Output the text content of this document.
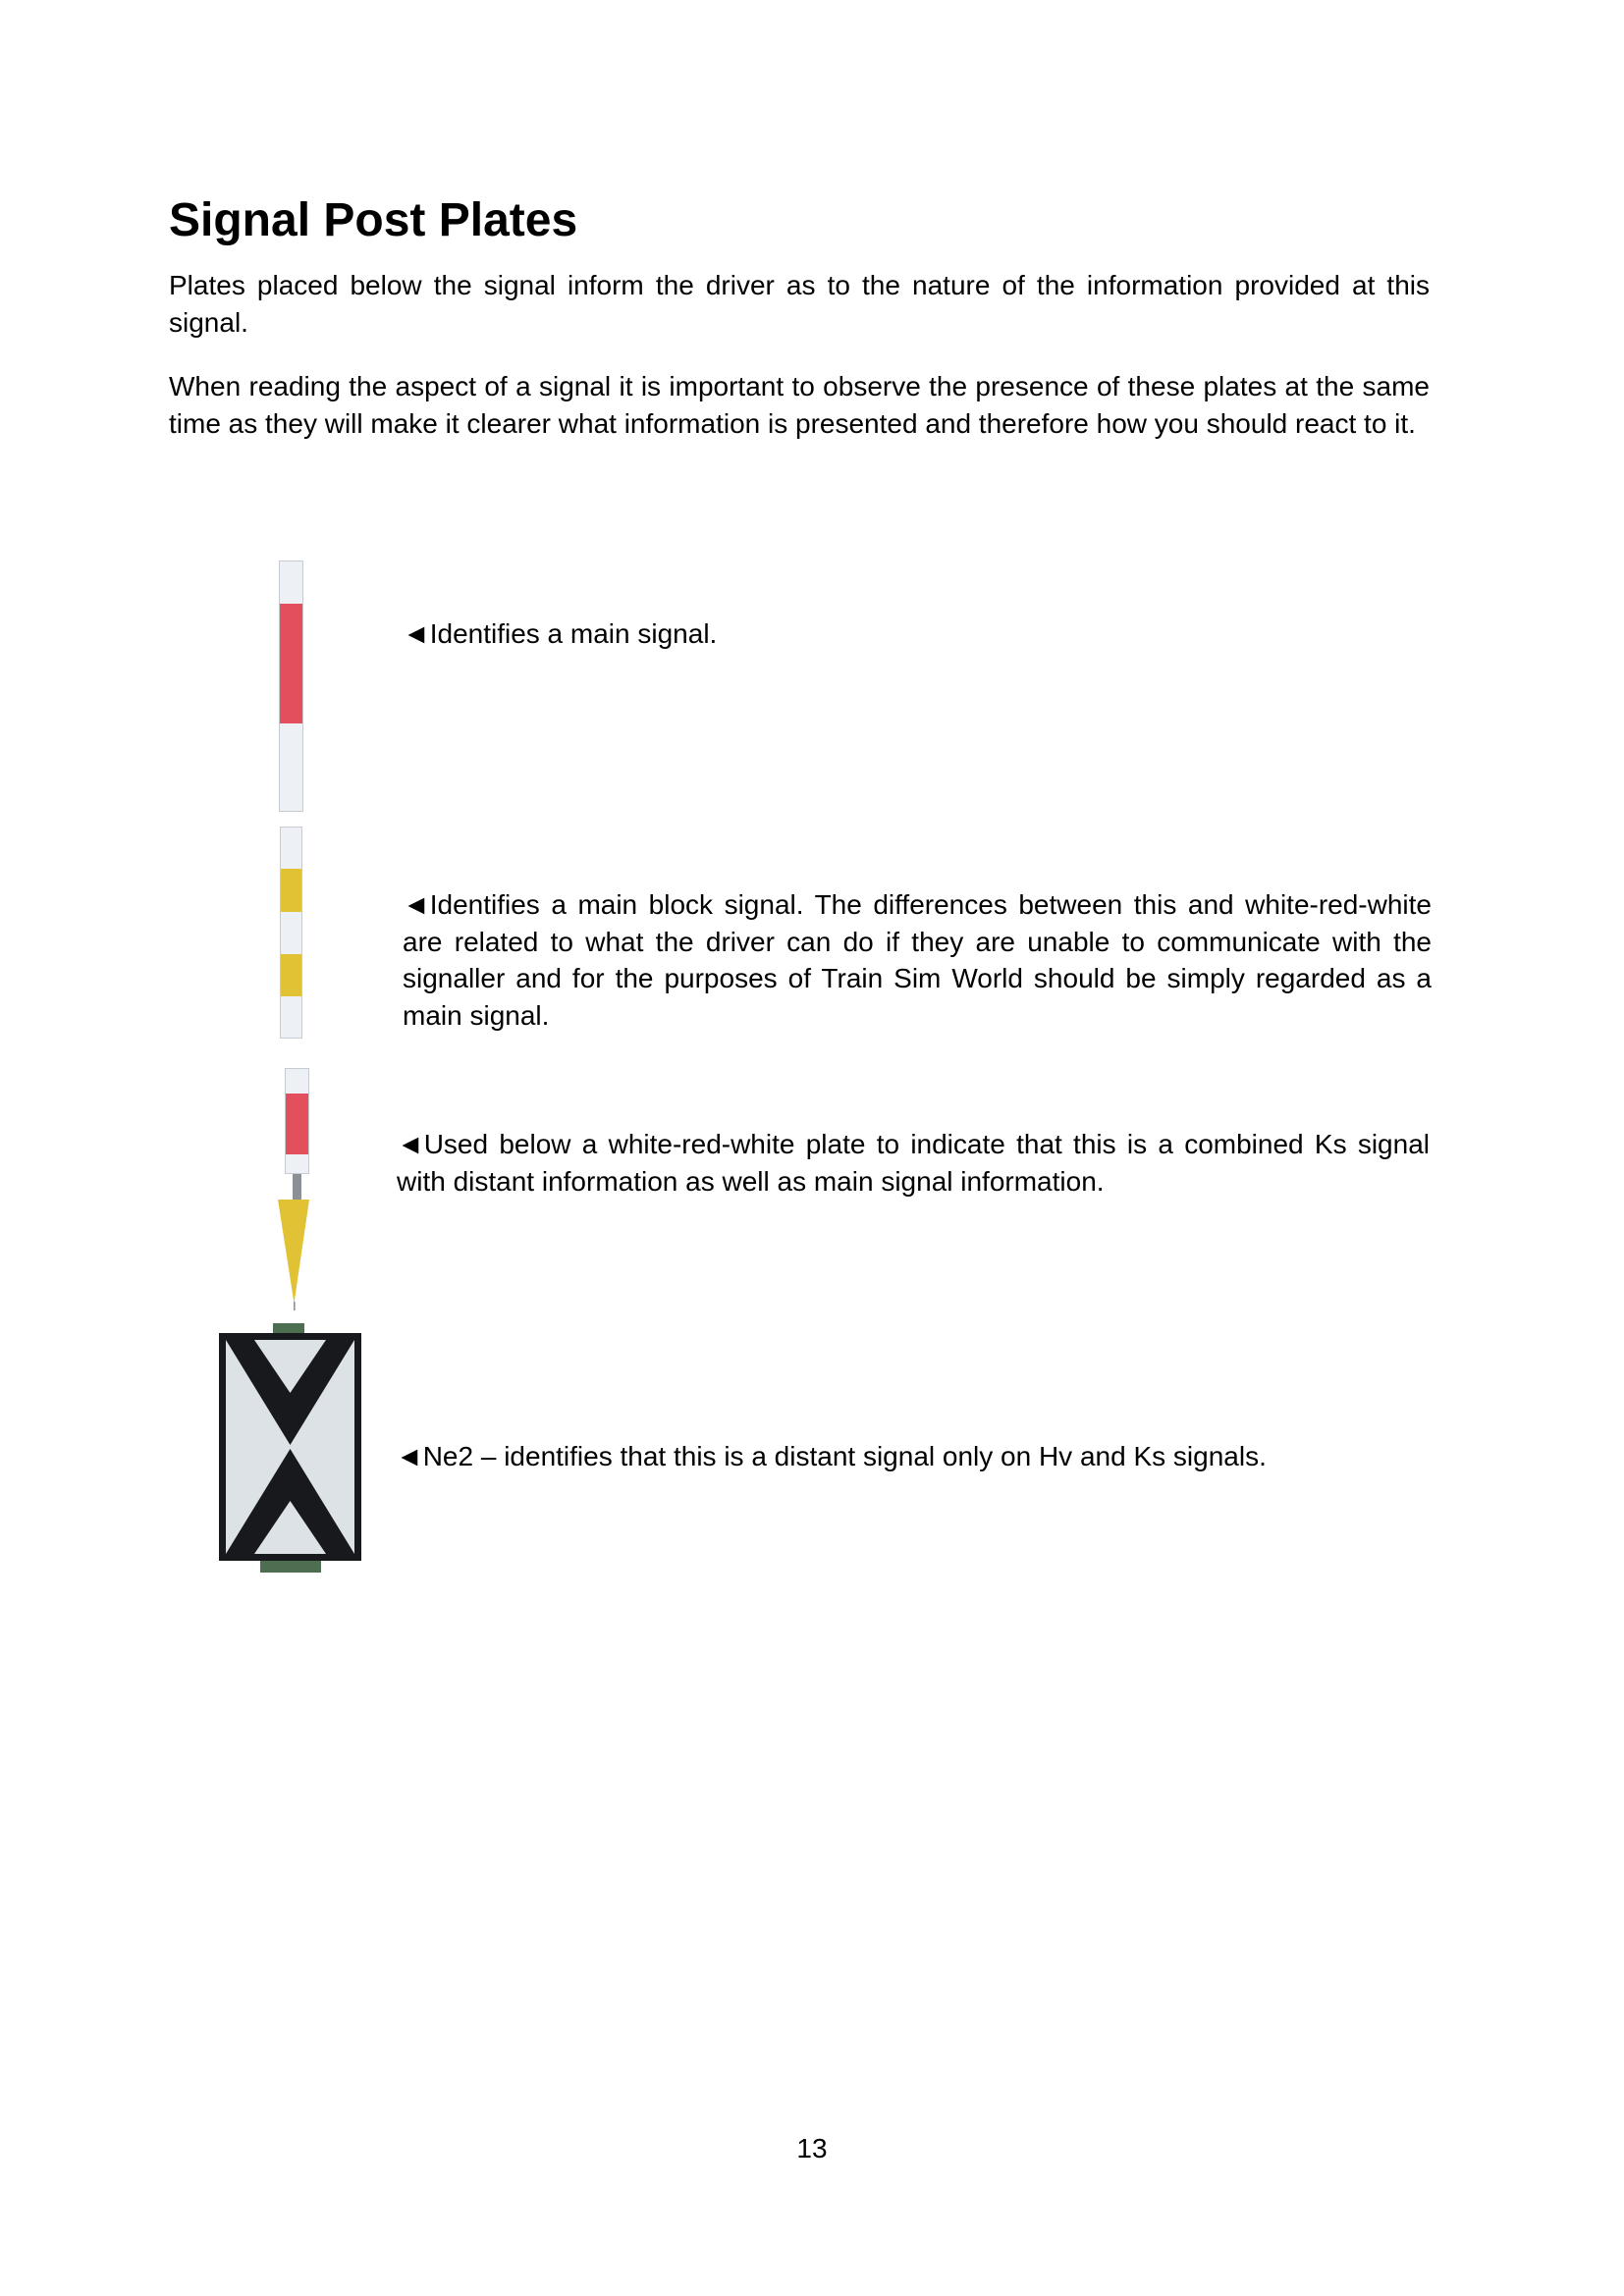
Signal Post Plates
Plates placed below the signal inform the driver as to the nature of the information provided at this signal.
When reading the aspect of a signal it is important to observe the presence of these plates at the same time as they will make it clearer what information is presented and therefore how you should react to it.
◄Identifies a main signal.
◄Identifies a main block signal. The differences between this and white-red-white are related to what the driver can do if they are unable to communicate with the signaller and for the purposes of Train Sim World should be simply regarded as a main signal.
◄Used below a white-red-white plate to indicate that this is a combined Ks signal with distant information as well as main signal information.
◄Ne2 – identifies that this is a distant signal only on Hv and Ks signals.
13
